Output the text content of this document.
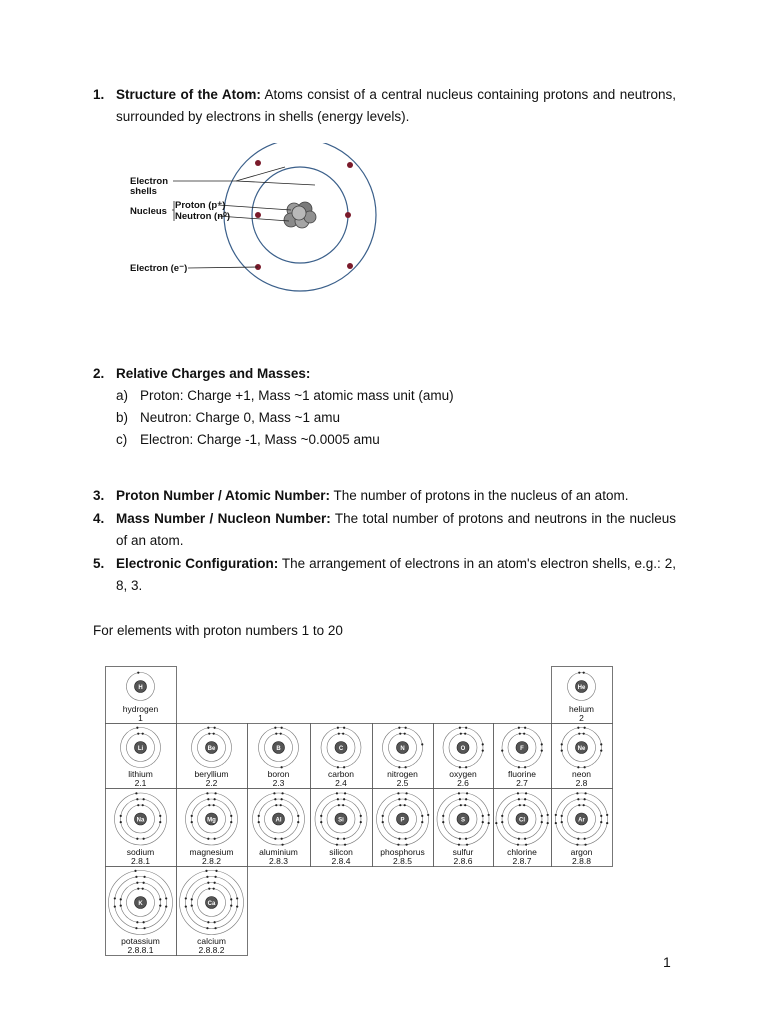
1. Structure of the Atom: Atoms consist of a central nucleus containing protons and neutrons, surrounded by electrons in shells (energy levels).
Electron shells
Nucleus
Proton (p⁺)
Neutron (n⁰)
Electron (e⁻)
2. Relative Charges and Masses:
a) Proton: Charge +1, Mass ~1 atomic mass unit (amu)
b) Neutron: Charge 0, Mass ~1 amu
c) Electron: Charge -1, Mass ~0.0005 amu
3. Proton Number / Atomic Number: The number of protons in the nucleus of an atom.
4. Mass Number / Nucleon Number: The total number of protons and neutrons in the nucleus of an atom.
5. Electronic Configuration: The arrangement of electrons in an atom's electron shells, e.g.: 2, 8, 3.
For elements with proton numbers 1 to 20
H
hydrogen
1
He
helium
2
Li
lithium
2.1
Be
beryllium
2.2
B
boron
2.3
C
carbon
2.4
N
nitrogen
2.5
O
oxygen
2.6
F
fluorine
2.7
Ne
neon
2.8
Na
sodium
2.8.1
Mg
magnesium
2.8.2
Al
aluminium
2.8.3
Si
silicon
2.8.4
P
phosphorus
2.8.5
S
sulfur
2.8.6
Cl
chlorine
2.8.7
Ar
argon
2.8.8
K
potassium
2.8.8.1
Ca
calcium
2.8.8.2
1
